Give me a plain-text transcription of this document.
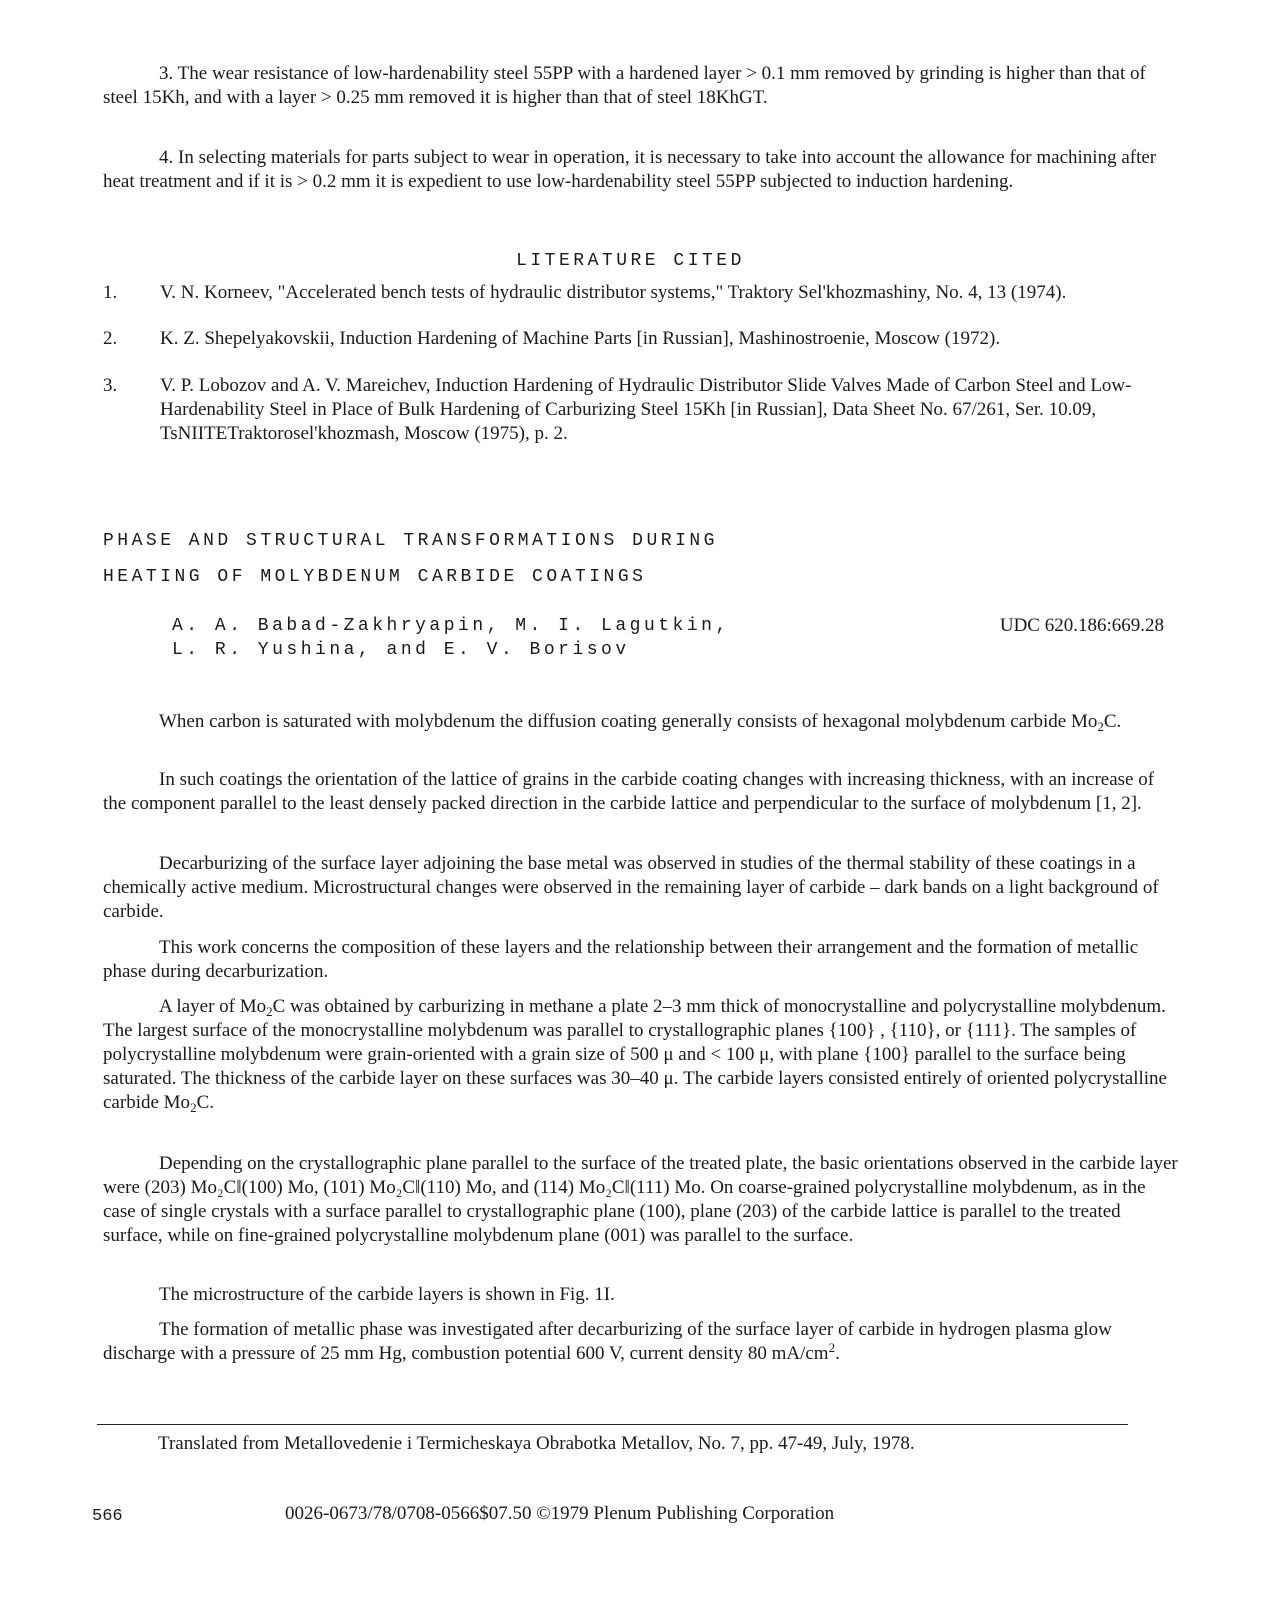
3. The wear resistance of low-hardenability steel 55PP with a hardened layer > 0.1 mm removed by grinding is higher than that of steel 15Kh, and with a layer > 0.25 mm removed it is higher than that of steel 18KhGT.

4. In selecting materials for parts subject to wear in operation, it is necessary to take into account the allowance for machining after heat treatment and if it is > 0.2 mm it is expedient to use low-hardenability steel 55PP subjected to induction hardening.

LITERATURE CITED
1.	V. N. Korneev, "Accelerated bench tests of hydraulic distributor systems," Traktory Sel'khozmashiny, No. 4, 13 (1974).
2.	K. Z. Shepelyakovskii, Induction Hardening of Machine Parts [in Russian], Mashinostroenie, Moscow (1972).
3.	V. P. Lobozov and A. V. Mareichev, Induction Hardening of Hydraulic Distributor Slide Valves Made of Carbon Steel and Low-Hardenability Steel in Place of Bulk Hardening of Carburizing Steel 15Kh [in Russian], Data Sheet No. 67/261, Ser. 10.09, TsNIITETraktorosel'khozmash, Moscow (1975), p. 2.
PHASE AND STRUCTURAL TRANSFORMATIONS DURING
HEATING OF MOLYBDENUM CARBIDE COATINGS
A. A. Babad-Zakhryapin, M. I. Lagutkin,
L. R. Yushina, and E. V. Borisov
UDC 620.186:669.28

When carbon is saturated with molybdenum the diffusion coating generally consists of hexagonal molybdenum carbide $Mo_2C$.

In such coatings the orientation of the lattice of grains in the carbide coating changes with increasing thickness, with an increase of the component parallel to the least densely packed direction in the carbide lattice and perpendicular to the surface of molybdenum [1, 2].

Decarburizing of the surface layer adjoining the base metal was observed in studies of the thermal stability of these coatings in a chemically active medium. Microstructural changes were observed in the remaining layer of carbide – dark bands on a light background of carbide.

This work concerns the composition of these layers and the relationship between their arrangement and the formation of metallic phase during decarburization.

A layer of $Mo_2C$ was obtained by carburizing in methane a plate 2–3 mm thick of monocrystalline and polycrystalline molybdenum. The largest surface of the monocrystalline molybdenum was parallel to crystallographic planes {100} , {110}, or {111}. The samples of polycrystalline molybdenum were grain-oriented with a grain size of 500 μ and < 100 μ, with plane {100} parallel to the surface being saturated. The thickness of the carbide layer on these surfaces was 30–40 μ. The carbide layers consisted entirely of oriented polycrystalline carbide $Mo_2C$.

Depending on the crystallographic plane parallel to the surface of the treated plate, the basic orientations observed in the carbide layer were (203) Mo₂C‖(100) Mo, (101) Mo₂C‖(110) Mo, and (114) Mo₂C‖(111) Mo. On coarse-grained polycrystalline molybdenum, as in the case of single crystals with a surface parallel to crystallographic plane (100), plane (203) of the carbide lattice is parallel to the treated surface, while on fine-grained polycrystalline molybdenum plane (001) was parallel to the surface.

The microstructure of the carbide layers is shown in Fig. 1I.

The formation of metallic phase was investigated after decarburizing of the surface layer of carbide in hydrogen plasma glow discharge with a pressure of 25 mm Hg, combustion potential 600 V, current density 80 $mA/cm^2$.

Translated from Metallovedenie i Termicheskaya Obrabotka Metallov, No. 7, pp. 47-49, July, 1978.
566	0026-0673/78/0708-0566$07.50 ©1979 Plenum Publishing Corporation
